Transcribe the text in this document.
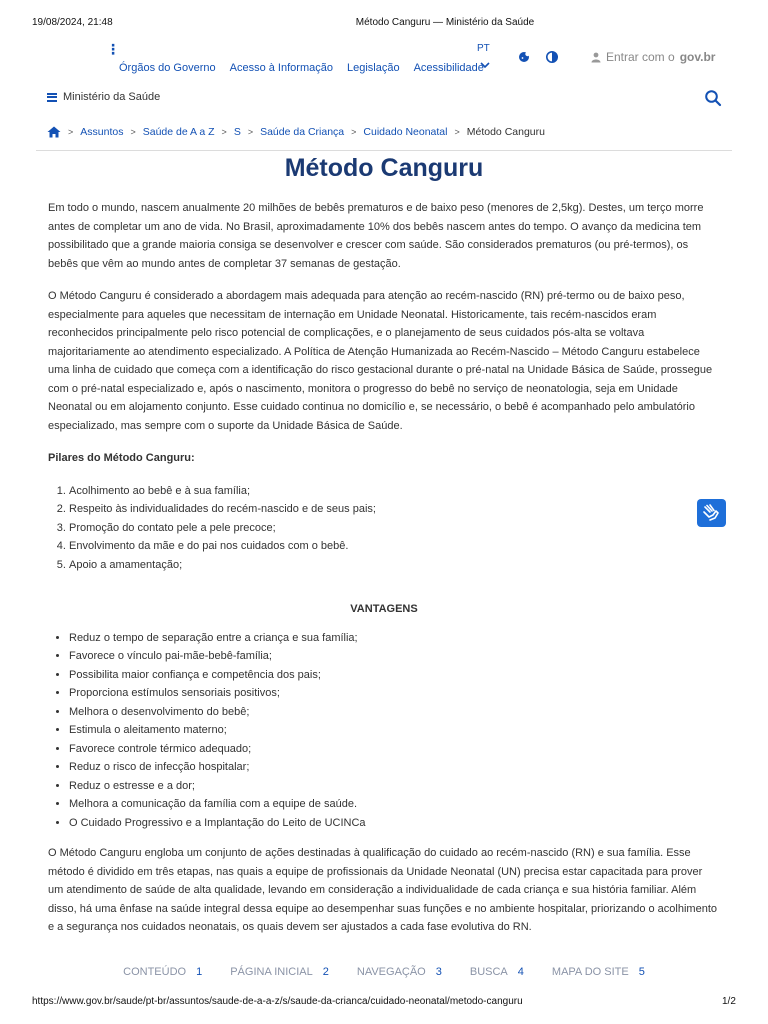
19/08/2024, 21:48	Método Canguru — Ministério da Saúde
⋮
Órgãos do Governo Acesso à Informação Legislação Acessibilidade
PT
Entrar com o gov.br
Ministério da Saúde
> Assuntos > Saúde de A a Z > S > Saúde da Criança > Cuidado Neonatal > Método Canguru
Método Canguru

Em todo o mundo, nascem anualmente 20 milhões de bebês prematuros e de baixo peso (menores de 2,5kg). Destes, um terço morre antes de completar um ano de vida. No Brasil, aproximadamente 10% dos bebês nascem antes do tempo. O avanço da medicina tem possibilitado que a grande maioria consiga se desenvolver e crescer com saúde. São considerados prematuros (ou pré-termos), os bebês que vêm ao mundo antes de completar 37 semanas de gestação.

O Método Canguru é considerado a abordagem mais adequada para atenção ao recém-nascido (RN) pré-termo ou de baixo peso, especialmente para aqueles que necessitam de internação em Unidade Neonatal. Historicamente, tais recém-nascidos eram reconhecidos principalmente pelo risco potencial de complicações, e o planejamento de seus cuidados pós-alta se voltava majoritariamente ao atendimento especializado. A Política de Atenção Humanizada ao Recém-Nascido – Método Canguru estabelece uma linha de cuidado que começa com a identificação do risco gestacional durante o pré-natal na Unidade Básica de Saúde, prossegue com o pré-natal especializado e, após o nascimento, monitora o progresso do bebê no serviço de neonatologia, seja em Unidade Neonatal ou em alojamento conjunto. Esse cuidado continua no domicílio e, se necessário, o bebê é acompanhado pelo ambulatório especializado, mas sempre com o suporte da Unidade Básica de Saúde.

Pilares do Método Canguru:
1. Acolhimento ao bebê e à sua família;
2. Respeito às individualidades do recém-nascido e de seus pais;
3. Promoção do contato pele a pele precoce;
4. Envolvimento da mãe e do pai nos cuidados com o bebê.
5. Apoio a amamentação;
VANTAGENS
• Reduz o tempo de separação entre a criança e sua família;
• Favorece o vínculo pai-mãe-bebê-família;
• Possibilita maior confiança e competência dos pais;
• Proporciona estímulos sensoriais positivos;
• Melhora o desenvolvimento do bebê;
• Estimula o aleitamento materno;
• Favorece controle térmico adequado;
• Reduz o risco de infecção hospitalar;
• Reduz o estresse e a dor;
• Melhora a comunicação da família com a equipe de saúde.
• O Cuidado Progressivo e a Implantação do Leito de UCINCa

O Método Canguru engloba um conjunto de ações destinadas à qualificação do cuidado ao recém-nascido (RN) e sua família. Esse método é dividido em três etapas, nas quais a equipe de profissionais da Unidade Neonatal (UN) precisa estar capacitada para prover um atendimento de saúde de alta qualidade, levando em consideração a individualidade de cada criança e sua história familiar. Além disso, há uma ênfase na saúde integral dessa equipe ao desempenhar suas funções e no ambiente hospitalar, priorizando o acolhimento e a segurança nos cuidados neonatais, os quais devem ser ajustados a cada fase evolutiva do RN.

CONTEÚDO 1	PÁGINA INICIAL 2	NAVEGAÇÃO 3	BUSCA 4	MAPA DO SITE 5
https://www.gov.br/saude/pt-br/assuntos/saude-de-a-a-z/s/saude-da-crianca/cuidado-neonatal/metodo-canguru	1/2
